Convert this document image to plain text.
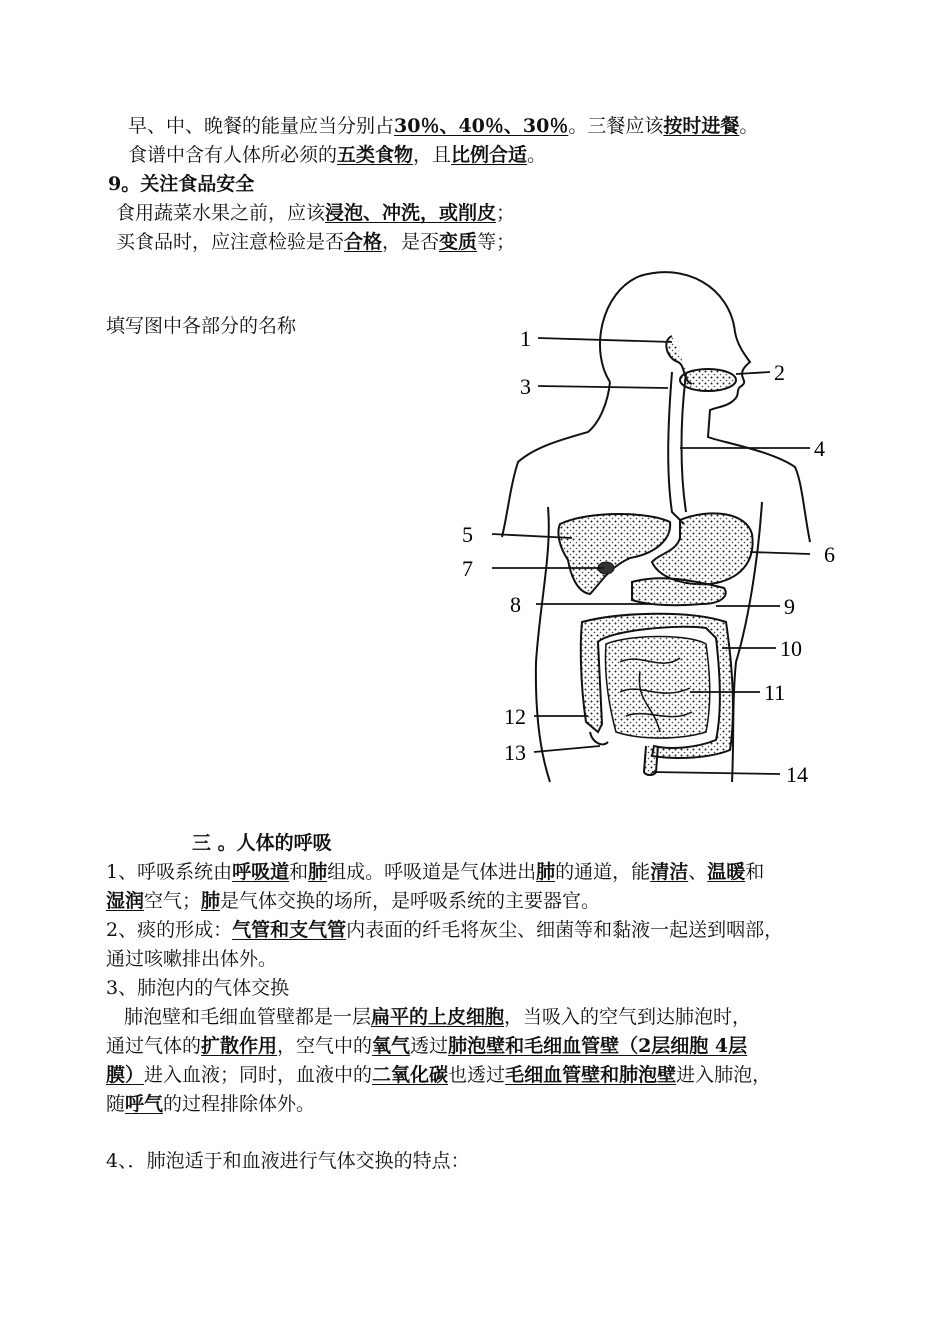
早、中、晚餐的能量应当分别占30％、40％、30％。三餐应该按时进餐。
食谱中含有人体所必须的五类食物，且比例合适。
9。关注食品安全
食用蔬菜水果之前，应该浸泡、冲洗，或削皮；
买食品时，应注意检验是否合格，是否变质等；
填写图中各部分的名称	1
2
3
4
5
6
7
8	9
10
11
12
13
14
三 。人体的呼吸
1、呼吸系统由呼吸道和肺组成。呼吸道是气体进出肺的通道，能清洁、温暖和
湿润空气；肺是气体交换的场所，是呼吸系统的主要器官。
2、痰的形成：气管和支气管内表面的纤毛将灰尘、细菌等和黏液一起送到咽部，
通过咳嗽排出体外。
3、肺泡内的气体交换
肺泡壁和毛细血管壁都是一层扁平的上皮细胞，当吸入的空气到达肺泡时，
通过气体的扩散作用，空气中的氧气透过肺泡壁和毛细血管壁（2层细胞 4层
膜）进入血液；同时，血液中的二氧化碳也透过毛细血管壁和肺泡壁进入肺泡，
随呼气的过程排除体外。
4、．肺泡适于和血液进行气体交换的特点：
